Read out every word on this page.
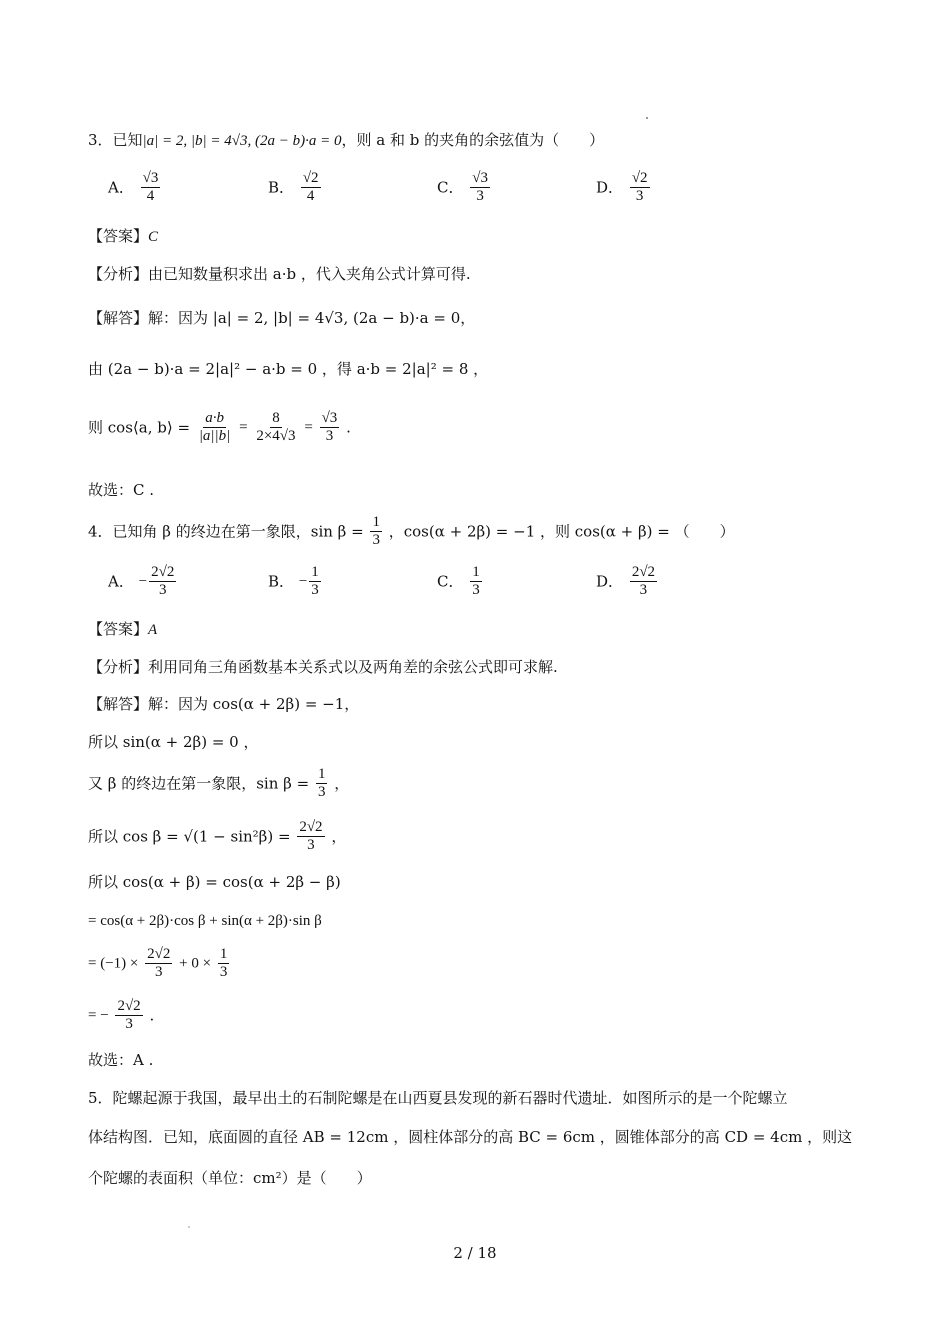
3．已知|a| = 2, |b| = 4√3, (2a − b)·a = 0，则 a 和 b 的夹角的余弦值为（　　）
A． $\frac{√3}{4}$	B． $\frac{√2}{4}$	C． $\frac{√3}{3}$	D． $\frac{√2}{3}$
【答案】C
【分析】由已知数量积求出 a·b ，代入夹角公式计算可得.
【解答】解：因为 |a| = 2, |b| = 4√3, (2a − b)·a = 0，
由 (2a − b)·a = 2|a|² − a·b = 0 ，得 a·b = 2|a|² = 8 ，
则 cos⟨a, b⟩ = $\frac{a\cdot b}{|a||b|} = \frac{8}{2\times 4√3} = \frac{√3}{3}$ .
故选：C .
4．已知角 β 的终边在第一象限，$\sin \beta = \frac{1}{3}$ ，cos(α + 2β) = −1 ，则 cos(α + β) = （　　）
A． − $\frac{2√2}{3}$	B． − $\frac{1}{3}$	C． $\frac{1}{3}$	D． $\frac{2√2}{3}$
【答案】A
【分析】利用同角三角函数基本关系式以及两角差的余弦公式即可求解.
【解答】解：因为 cos(α + 2β) = −1，
所以 sin(α + 2β) = 0 ，
又 β 的终边在第一象限，$\sin \beta = \frac{1}{3}$ ，
所以 $\cos \beta = √(1 - \sin^2\beta) = \frac{2√2}{3}$ ，
所以 cos(α + β) = cos(α + 2β − β)
= cos(α + 2β)·cos β + sin(α + 2β)·sin β
= $(-1) \times \frac{2√2}{3} + 0 \times \frac{1}{3}$
= − $\frac{2√2}{3}$ .
故选：A .
5．陀螺起源于我国，最早出土的石制陀螺是在山西夏县发现的新石器时代遗址．如图所示的是一个陀螺立
体结构图．已知，底面圆的直径 AB = 12cm ，圆柱体部分的高 BC = 6cm ，圆锥体部分的高 CD = 4cm ，则这
个陀螺的表面积（单位：cm²）是（　　）
2 / 18
